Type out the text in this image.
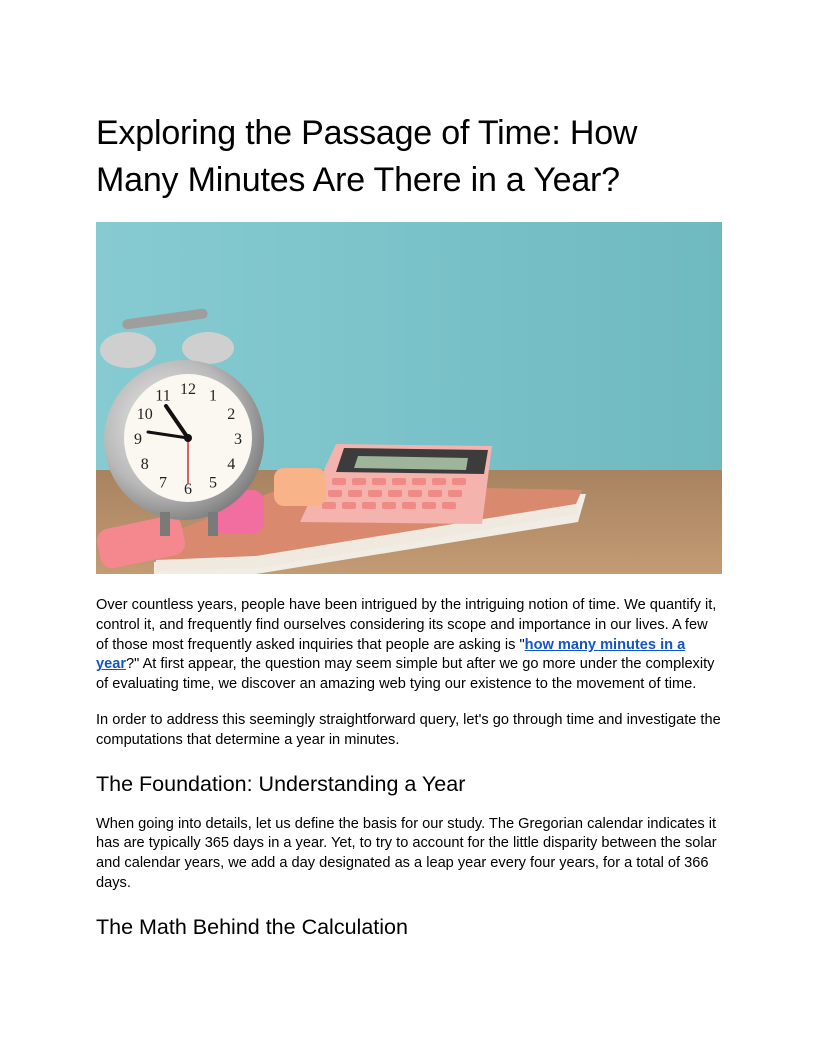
Exploring the Passage of Time: How Many Minutes Are There in a Year?
12 1
2
3
4
5
6
7
8
9
10
11

Over countless years, people have been intrigued by the intriguing notion of time. We quantify it, control it, and frequently find ourselves considering its scope and importance in our lives. A few of those most frequently asked inquiries that people are asking is "how many minutes in a year?" At first appear, the question may seem simple but after we go more under the complexity of evaluating time, we discover an amazing web tying our existence to the movement of time.

In order to address this seemingly straightforward query, let's go through time and investigate the computations that determine a year in minutes.

The Foundation: Understanding a Year

When going into details, let us define the basis for our study. The Gregorian calendar indicates it has are typically 365 days in a year. Yet, to try to account for the little disparity between the solar and calendar years, we add a day designated as a leap year every four years, for a total of 366 days.

The Math Behind the Calculation
